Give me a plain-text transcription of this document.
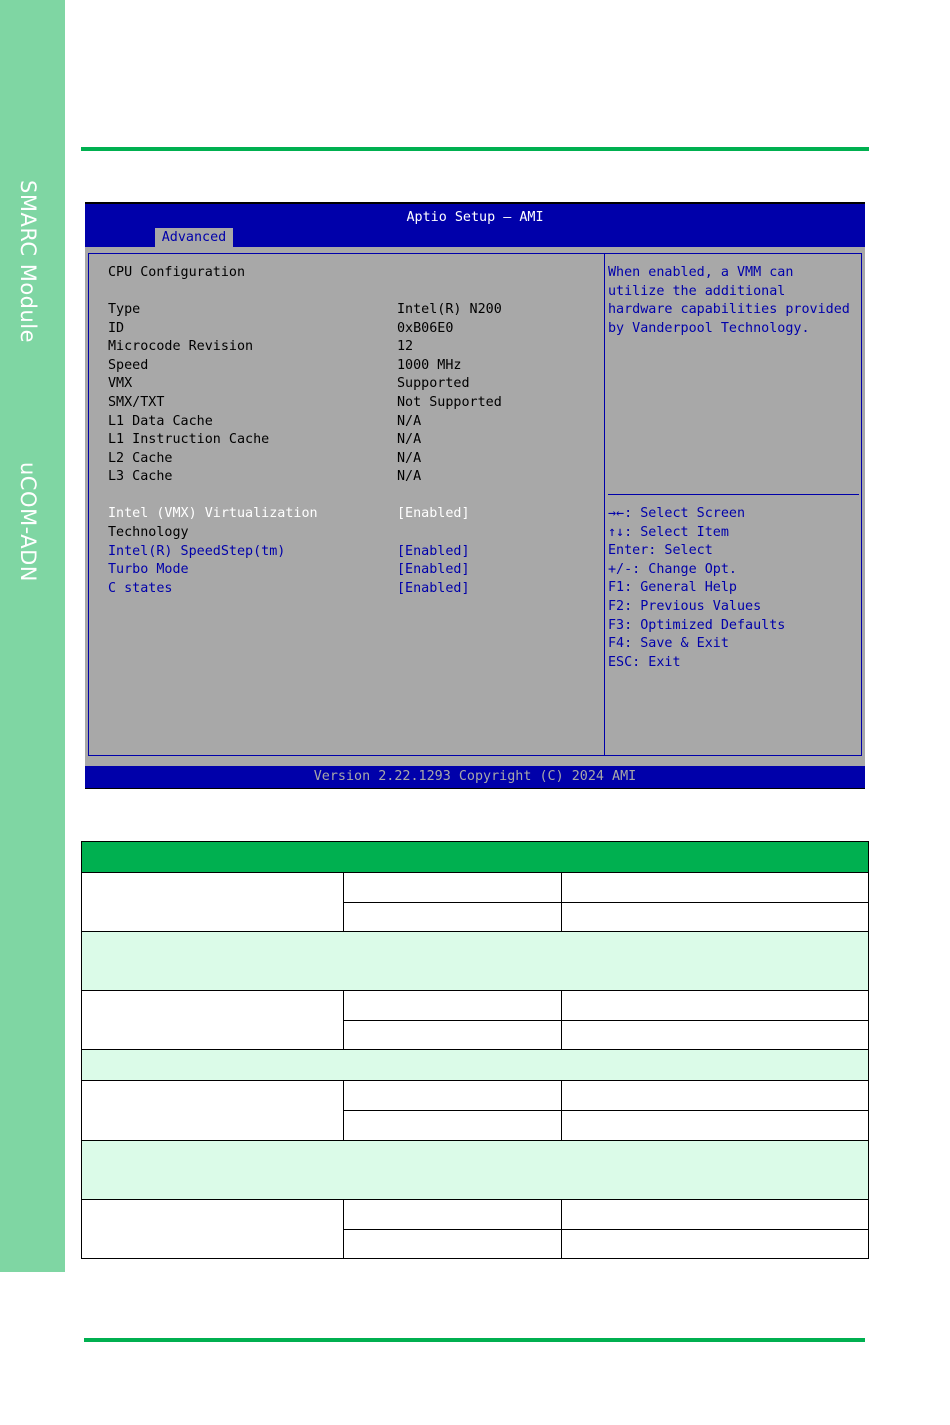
SMARC Module
uCOM-ADN
Aptio Setup – AMI
Advanced
CPU Configuration
Type	Intel(R) N200
ID	0xB06E0
Microcode Revision	12
Speed	1000 MHz
VMX	Supported
SMX/TXT	Not Supported
L1 Data Cache	N/A
L1 Instruction Cache	N/A
L2 Cache	N/A
L3 Cache	N/A
Intel (VMX) Virtualization	[Enabled]
Technology
Intel(R) SpeedStep(tm)	[Enabled]
Turbo Mode	[Enabled]
C states	[Enabled]
When enabled, a VMM can
utilize the additional
hardware capabilities provided
by Vanderpool Technology.
→←: Select Screen
↑↓: Select Item
Enter: Select
+/-: Change Opt.
F1: General Help
F2: Previous Values
F3: Optimized Defaults
F4: Save & Exit
ESC: Exit
Version 2.22.1293 Copyright (C) 2024 AMI
